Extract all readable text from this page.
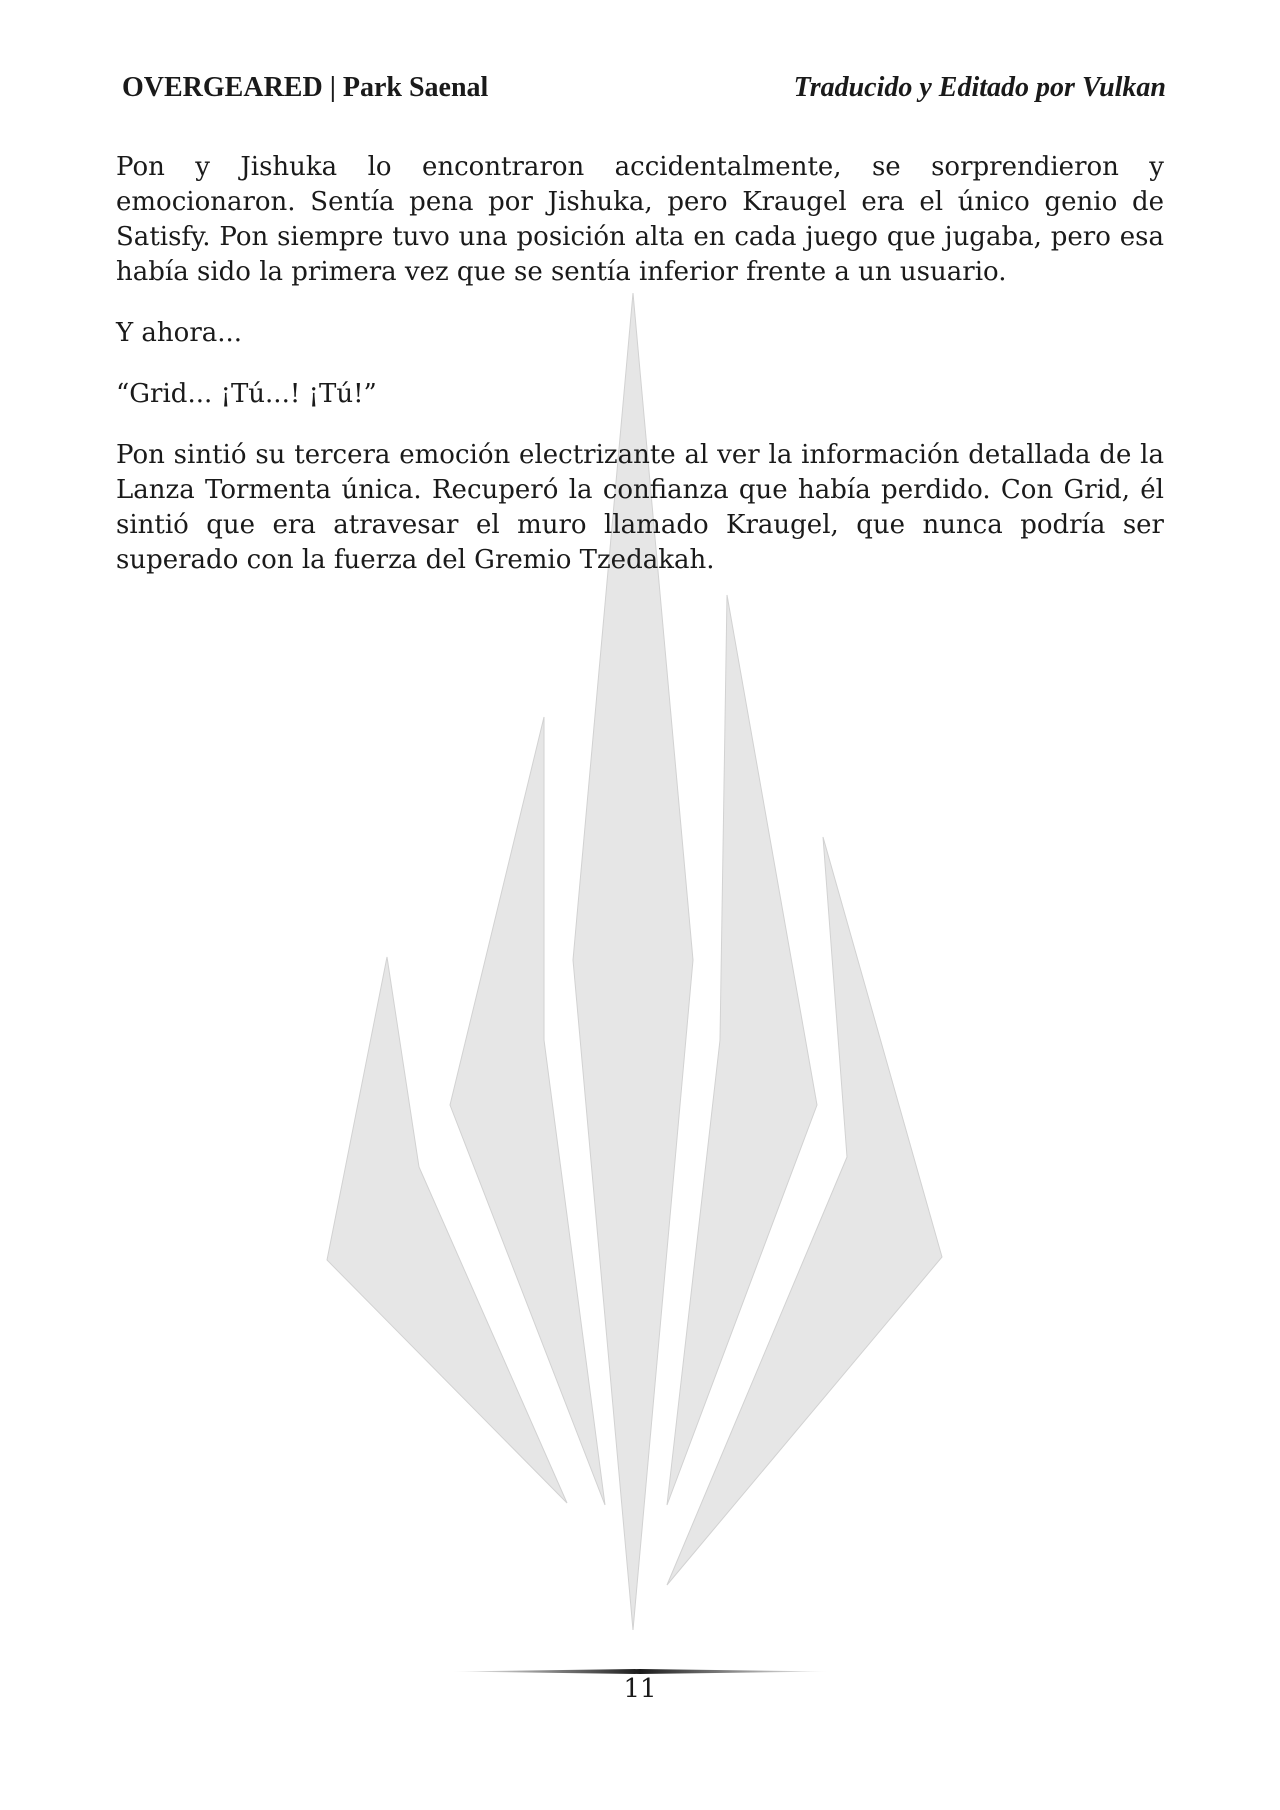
OVERGEARED | Park Saenal	Traducido y Editado por Vulkan

Pon y Jishuka lo encontraron accidentalmente, se sorprendieron y emocionaron. Sentía pena por Jishuka, pero Kraugel era el único genio de Satisfy. Pon siempre tuvo una posición alta en cada juego que jugaba, pero esa había sido la primera vez que se sentía inferior frente a un usuario.

Y ahora...

“Grid... ¡Tú...! ¡Tú!”

Pon sintió su tercera emoción electrizante al ver la información detallada de la Lanza Tormenta única. Recuperó la confianza que había perdido. Con Grid, él sintió que era atravesar el muro llamado Kraugel, que nunca podría ser superado con la fuerza del Gremio Tzedakah.

11
